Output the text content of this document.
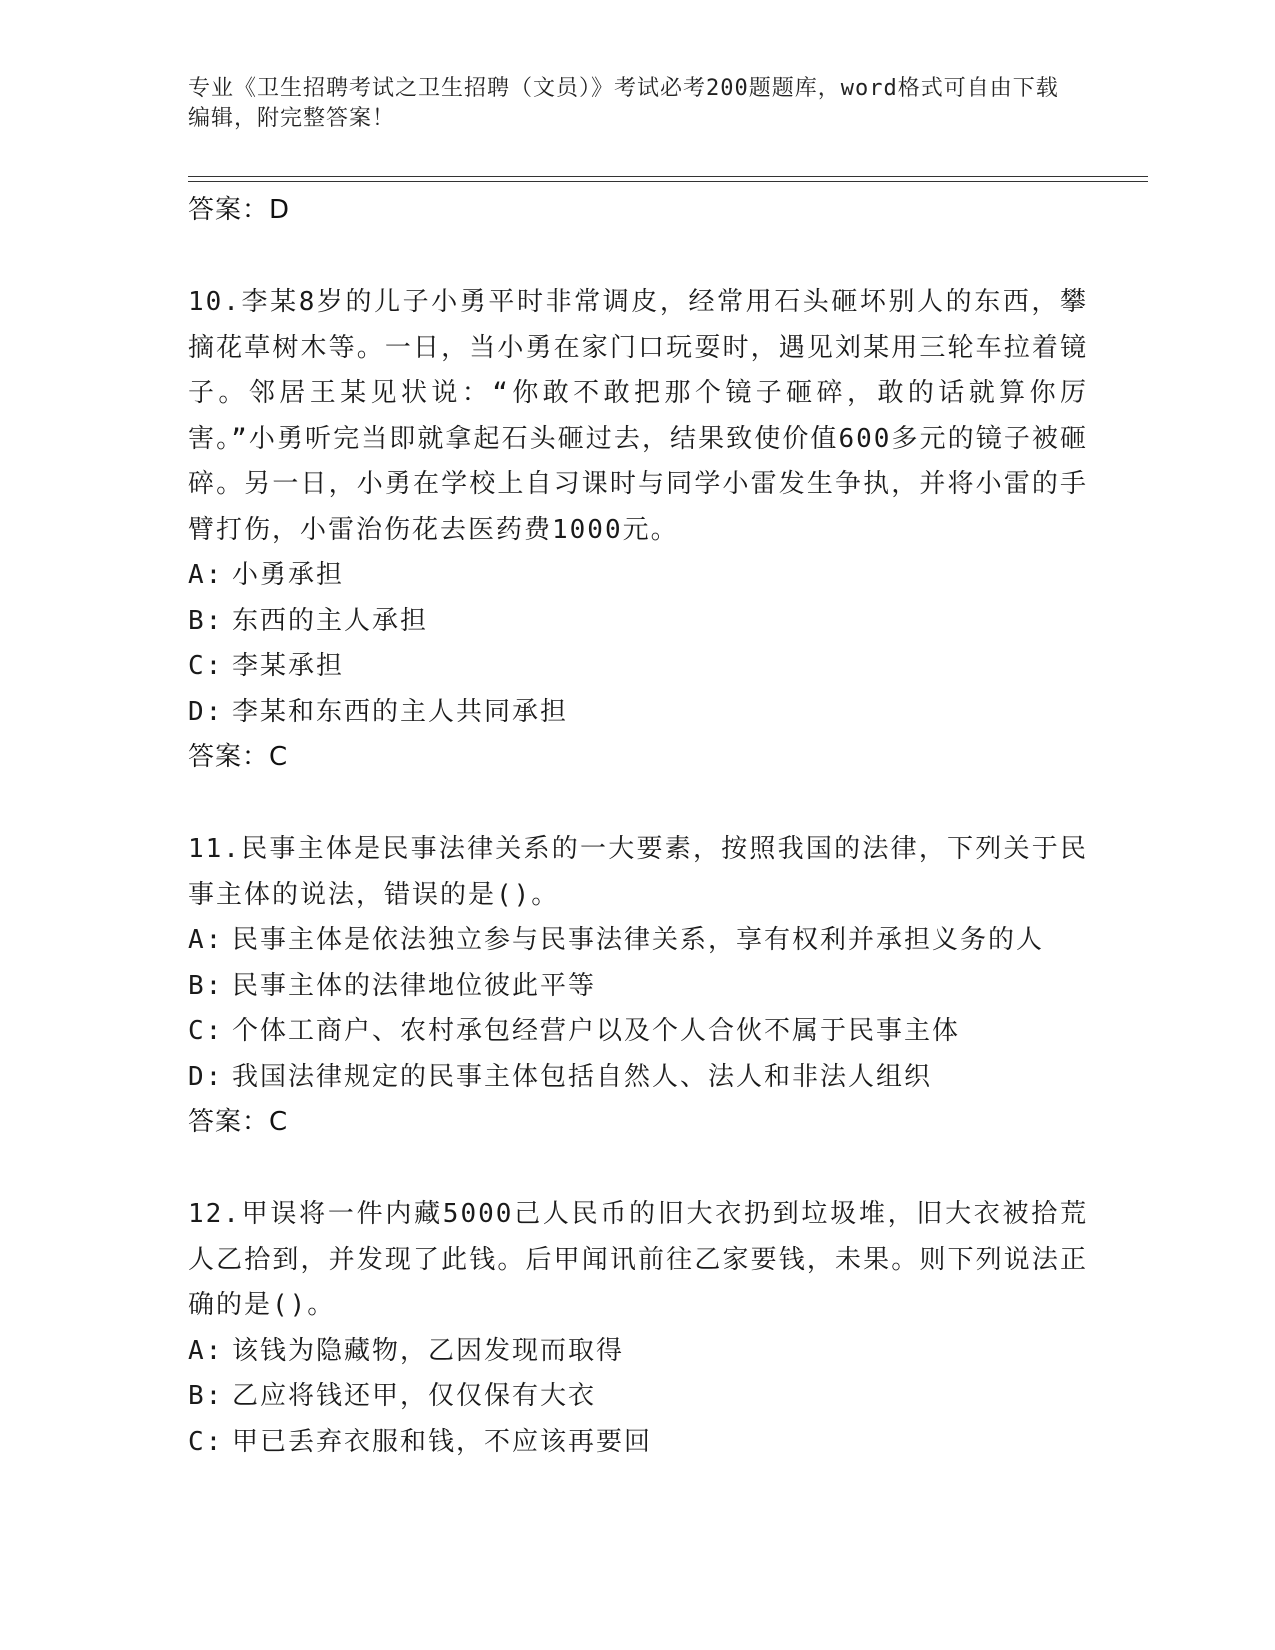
专业《卫生招聘考试之卫生招聘（文员）》考试必考200题题库，word格式可自由下载编辑，附完整答案！
答案：D
10.李某8岁的儿子小勇平时非常调皮，经常用石头砸坏别人的东西，攀摘花草树木等。一日，当小勇在家门口玩耍时，遇见刘某用三轮车拉着镜子。邻居王某见状说：“你敢不敢把那个镜子砸碎，敢的话就算你厉害。”小勇听完当即就拿起石头砸过去，结果致使价值600多元的镜子被砸碎。另一日，小勇在学校上自习课时与同学小雷发生争执，并将小雷的手臂打伤，小雷治伤花去医药费1000元。
A: 小勇承担
B: 东西的主人承担
C: 李某承担
D: 李某和东西的主人共同承担
答案：C
11.民事主体是民事法律关系的一大要素，按照我国的法律，下列关于民事主体的说法，错误的是()。
A: 民事主体是依法独立参与民事法律关系，享有权利并承担义务的人
B: 民事主体的法律地位彼此平等
C: 个体工商户、农村承包经营户以及个人合伙不属于民事主体
D: 我国法律规定的民事主体包括自然人、法人和非法人组织
答案：C
12.甲误将一件内藏5000己人民币的旧大衣扔到垃圾堆，旧大衣被拾荒人乙拾到，并发现了此钱。后甲闻讯前往乙家要钱，未果。则下列说法正确的是()。
A: 该钱为隐藏物，乙因发现而取得
B: 乙应将钱还甲，仅仅保有大衣
C: 甲已丢弃衣服和钱，不应该再要回
